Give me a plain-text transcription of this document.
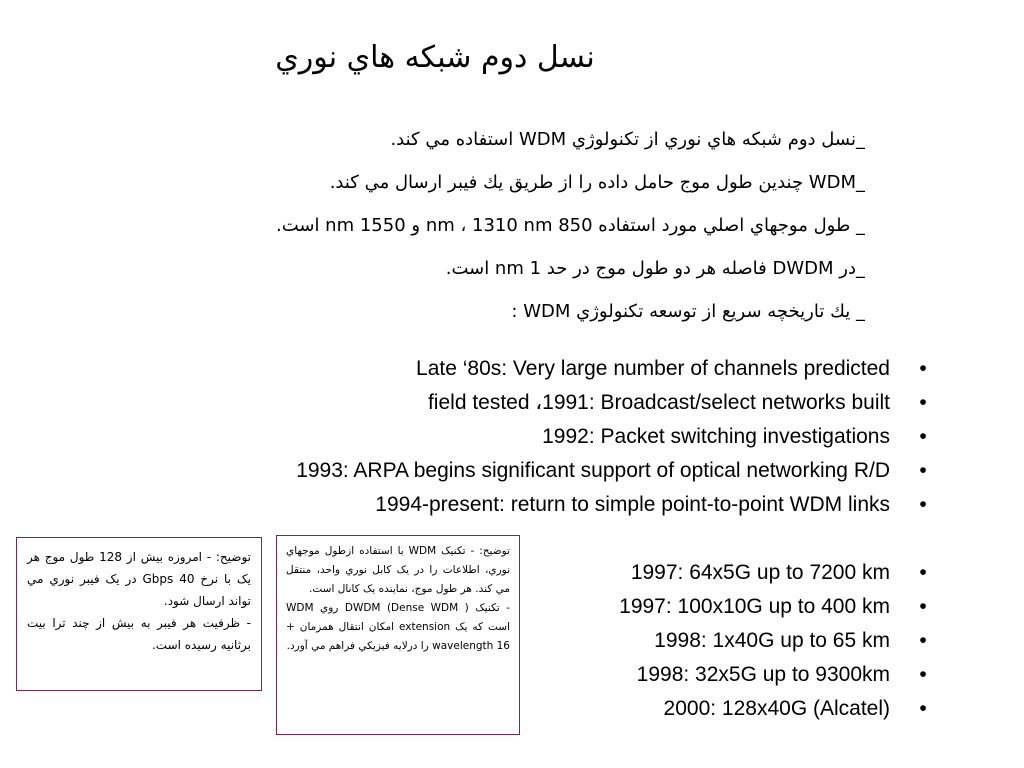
نسل دوم شبكه هاي نوري
_نسل دوم شبكه هاي نوري از تكنولوژي WDM استفاده مي كند.
_WDM چندين طول موج حامل داده را از طريق يك فيبر ارسال مي كند.
_ طول موجهاي اصلي مورد استفاده 850 nm ، 1310 nm و 1550 nm است.
_در DWDM فاصله هر دو طول موج در حد 1 nm است.
_ يك تاريخچه سريع از توسعه تكنولوژي WDM :
•
Late ‘80s: Very large number of channels predicted
•
field tested ،1991: Broadcast/select networks built
•
1992: Packet switching investigations
•
1993: ARPA begins significant support of optical networking R/D
•
1994-present: return to simple point-to-point WDM links

توضيح: - امروزه بيش از 128 طول موج هر یک با نرخ 40 Gbps در یک فيبر نوري مي تواند ارسال شود.

- ظرفيت هر فيبر به بيش از چند ترا بيت برثانيه رسيده است.

توضيح: - تکنيک WDM با استفاده ازطول موجهاي نوري، اطلاعات را در یک کابل نوري واحد، منتقل مي كند. هر طول موج، نماينده یک کانال است.

- تکنيک ( DWDM (Dense WDM روي WDM است كه یک extension امكان انتقال همزمان + wavelength 16 را درلايه فيزيكي فراهم مي آورد.

•
1997: 64x5G up to 7200 km
•
1997: 100x10G up to 400 km
•
1998: 1x40G up to 65 km
•
1998: 32x5G up to 9300km
•
2000: 128x40G (Alcatel)
